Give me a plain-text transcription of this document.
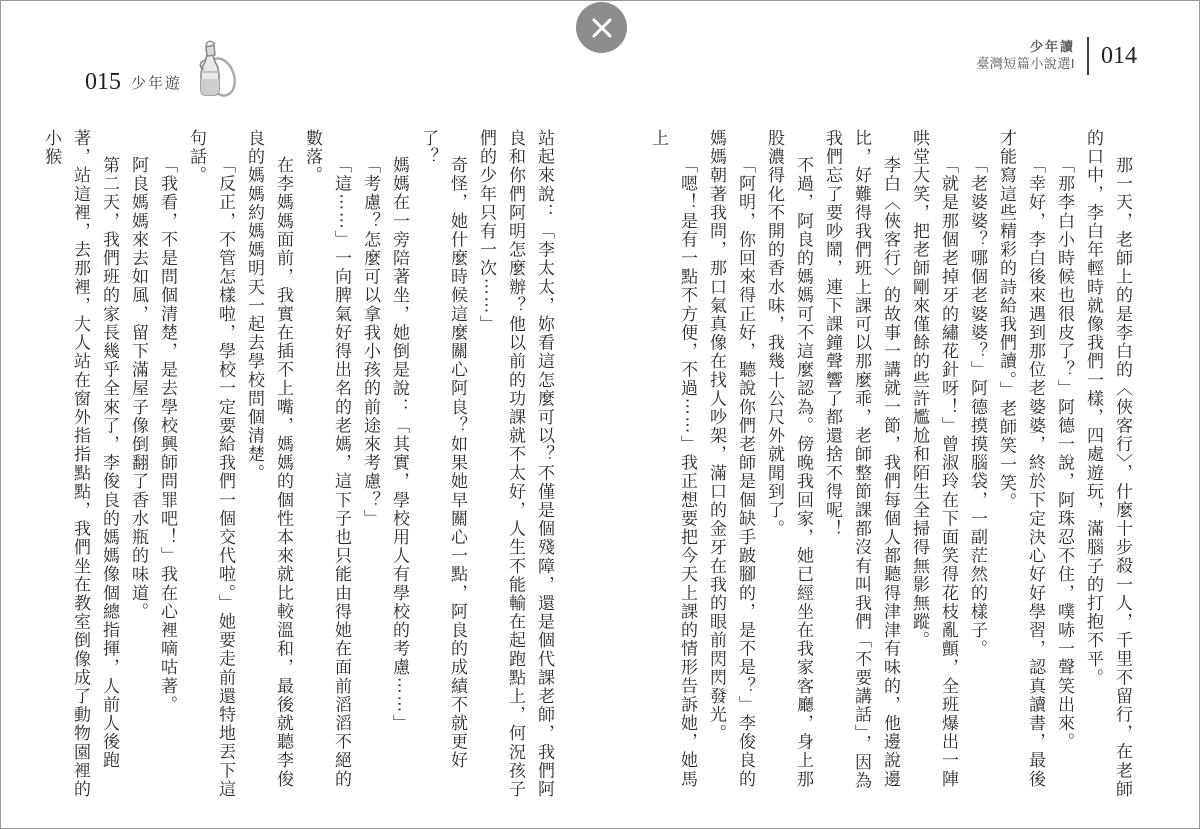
015 少年遊
少年讀
臺灣短篇小說選I 014

那一天，老師上的是李白的〈俠客行〉，什麼十步殺一人，千里不留行，在老師的口中，李白年輕時就像我們一樣，四處遊玩，滿腦子的打抱不平。

「那李白小時候也很皮了？」阿德一說，阿珠忍不住，噗哧一聲笑出來。

「幸好，李白後來遇到那位老婆婆，終於下定決心好好學習，認真讀書，最後才能寫這些精彩的詩給我們讀。」老師笑一笑。

「老婆婆？哪個老婆婆？」阿德摸摸腦袋，一副茫然的樣子。

「就是那個老掉牙的繡花針呀！」曾淑玲在下面笑得花枝亂顫，全班爆出一陣哄堂大笑，把老師剛來僅餘的些許尷尬和陌生全掃得無影無蹤。

李白〈俠客行〉的故事一講就一節，我們每個人都聽得津津有味的，他邊說邊比，好難得我們班上課可以那麼乖，老師整節課都沒有叫我們「不要講話」，因為我們忘了要吵鬧，連下課鐘聲響了都還捨不得呢！

不過，阿良的媽媽可不這麼認為。傍晚我回家，她已經坐在我家客廳，身上那股濃得化不開的香水味，我幾十公尺外就聞到了。

「阿明，你回來得正好，聽說你們老師是個缺手跛腳的，是不是？」李俊良的媽媽朝著我問，那口氣真像在找人吵架，滿口的金牙在我的眼前閃閃發光。

「嗯！是有一點不方便，不過⋯⋯」我正想要把今天上課的情形告訴她，她馬上

站起來說：「李太太，妳看這怎麼可以？不僅是個殘障，還是個代課老師，我們阿良和你們阿明怎麼辦？他以前的功課就不太好，人生不能輸在起跑點上，何況孩子們的少年只有一次⋯⋯」

奇怪，她什麼時候這麼關心阿良？如果她早關心一點，阿良的成績不就更好了？

媽媽在一旁陪著坐，她倒是說：「其實，學校用人有學校的考慮⋯⋯」

「考慮？怎麼可以拿我小孩的前途來考慮？」

「這⋯⋯」一向脾氣好得出名的老媽，這下子也只能由得她在面前滔滔不絕的數落。

在李媽媽面前，我實在插不上嘴，媽媽的個性本來就比較溫和，最後就聽李俊良的媽媽約媽媽明天一起去學校問個清楚。

「反正，不管怎樣啦，學校一定要給我們一個交代啦。」她要走前還特地丟下這句話。

「我看，不是問個清楚，是去學校興師問罪吧！」我在心裡嘀咕著。

阿良媽媽來去如風，留下滿屋子像倒翻了香水瓶的味道。

第二天，我們班的家長幾乎全來了，李俊良的媽媽像個總指揮，人前人後跑著，站這裡，去那裡，大人站在窗外指指點點，我們坐在教室倒像成了動物園裡的小猴
